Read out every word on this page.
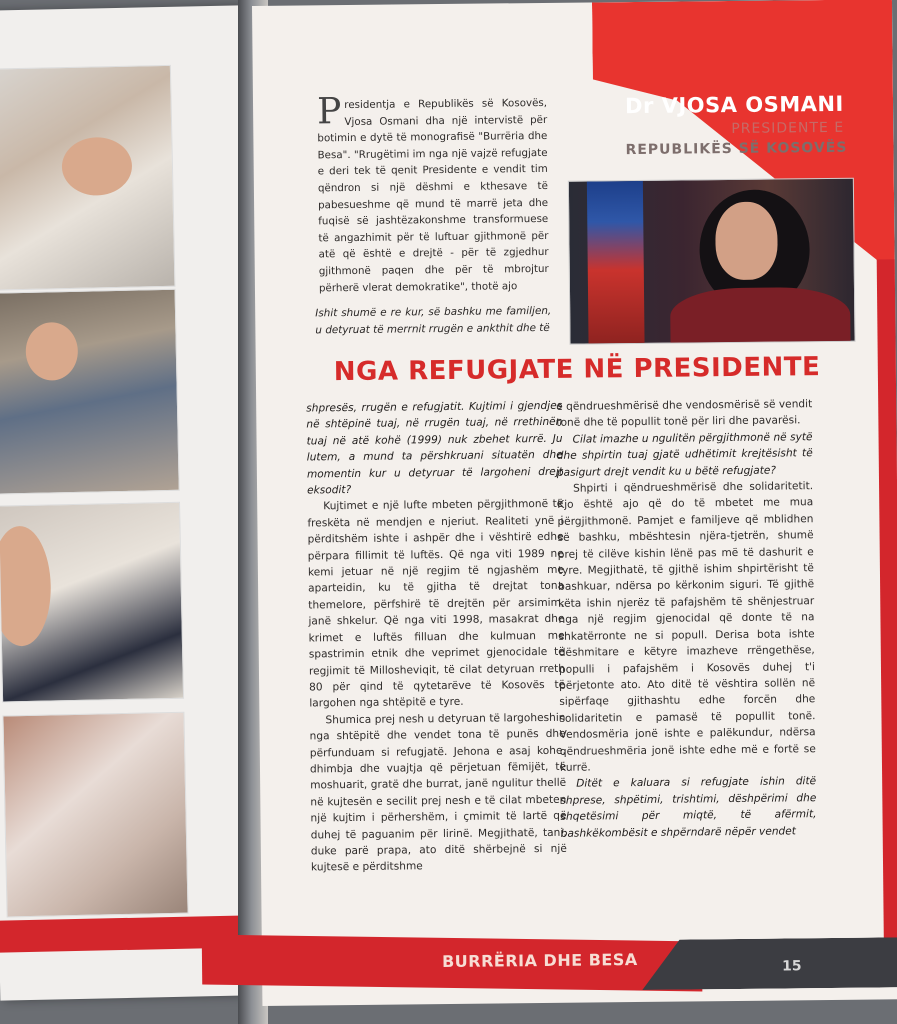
Dr VJOSA OSMANI
PRESIDENTE E
REPUBLIKËS SË KOSOVËS
Presidentja e Republikës së Kosovës, Vjosa Osmani dha një intervistë për botimin e dytë të monografisë "Burrëria dhe Besa". "Rrugëtimi im nga një vajzë refugjate e deri tek të qenit Presidente e vendit tim qëndron si një dëshmi e kthesave të pabesueshme që mund të marrë jeta dhe fuqisë së jashtëzakonshme transformuese të angazhimit për të luftuar gjithmonë për atë që është e drejtë - për të zgjedhur gjithmonë paqen dhe për të mbrojtur përherë vlerat demokratike", thotë ajo
Ishit shumë e re kur, së bashku me familjen, u detyruat të merrnit rrugën e ankthit dhe të
NGA REFUGJATE NË PRESIDENTE

shpresës, rrugën e refugjatit. Kujtimi i gjendjes në shtëpinë tuaj, në rrugën tuaj, në rrethinën tuaj në atë kohë (1999) nuk zbehet kurrë. Ju lutem, a mund ta përshkruani situatën dhe momentin kur u detyruar të largoheni drejt eksodit?

Kujtimet e një lufte mbeten përgjithmonë të freskëta në mendjen e njeriut. Realiteti ynë i përditshëm ishte i ashpër dhe i vështirë edhe përpara fillimit të luftës. Që nga viti 1989 ne kemi jetuar në një regjim të ngjashëm me aparteidin, ku të gjitha të drejtat tona themelore, përfshirë të drejtën për arsimim, janë shkelur. Që nga viti 1998, masakrat dhe krimet e luftës filluan dhe kulmuan me spastrimin etnik dhe veprimet gjenocidale të regjimit të Millosheviqit, të cilat detyruan rreth 80 për qind të qytetarëve të Kosovës të largohen nga shtëpitë e tyre.

Shumica prej nesh u detyruan të largoheshin nga shtëpitë dhe vendet tona të punës dhe përfunduam si refugjatë. Jehona e asaj kohe, dhimbja dhe vuajtja që përjetuan fëmijët, të moshuarit, gratë dhe burrat, janë ngulitur thellë në kujtesën e secilit prej nesh e të cilat mbeten një kujtim i përhershëm, i çmimit të lartë që duhej të paguanim për lirinë. Megjithatë, tani, duke parë prapa, ato ditë shërbejnë si një kujtesë e përditshme

e qëndrueshmërisë dhe vendosmërisë së vendit tonë dhe të popullit tonë për liri dhe pavarësi.

Cilat imazhe u ngulitën përgjithmonë në sytë dhe shpirtin tuaj gjatë udhëtimit krejtësisht të pasigurt drejt vendit ku u bëtë refugjate?

Shpirti i qëndrueshmërisë dhe solidaritetit. Kjo është ajo që do të mbetet me mua përgjithmonë. Pamjet e familjeve që mblidhen së bashku, mbështesin njëra-tjetrën, shumë prej të cilëve kishin lënë pas më të dashurit e tyre. Megjithatë, të gjithë ishim shpirtërisht të bashkuar, ndërsa po kërkonim siguri. Të gjithë këta ishin njerëz të pafajshëm të shënjestruar nga një regjim gjenocidal që donte të na shkatërronte ne si popull. Derisa bota ishte dëshmitare e këtyre imazheve rrëngethëse, populli i pafajshëm i Kosovës duhej t'i përjetonte ato. Ato ditë të vështira sollën në sipërfaqe gjithashtu edhe forcën dhe solidaritetin e pamasë të popullit tonë. Vendosmëria jonë ishte e palëkundur, ndërsa qëndrueshmëria jonë ishte edhe më e fortë se kurrë.

Ditët e kaluara si refugjate ishin ditë shprese, shpëtimi, trishtimi, dëshpërimi dhe shqetësimi për miqtë, të afërmit, bashkëkombësit e shpërndarë nëpër vendet

BURRËRIA DHE BESA	15
